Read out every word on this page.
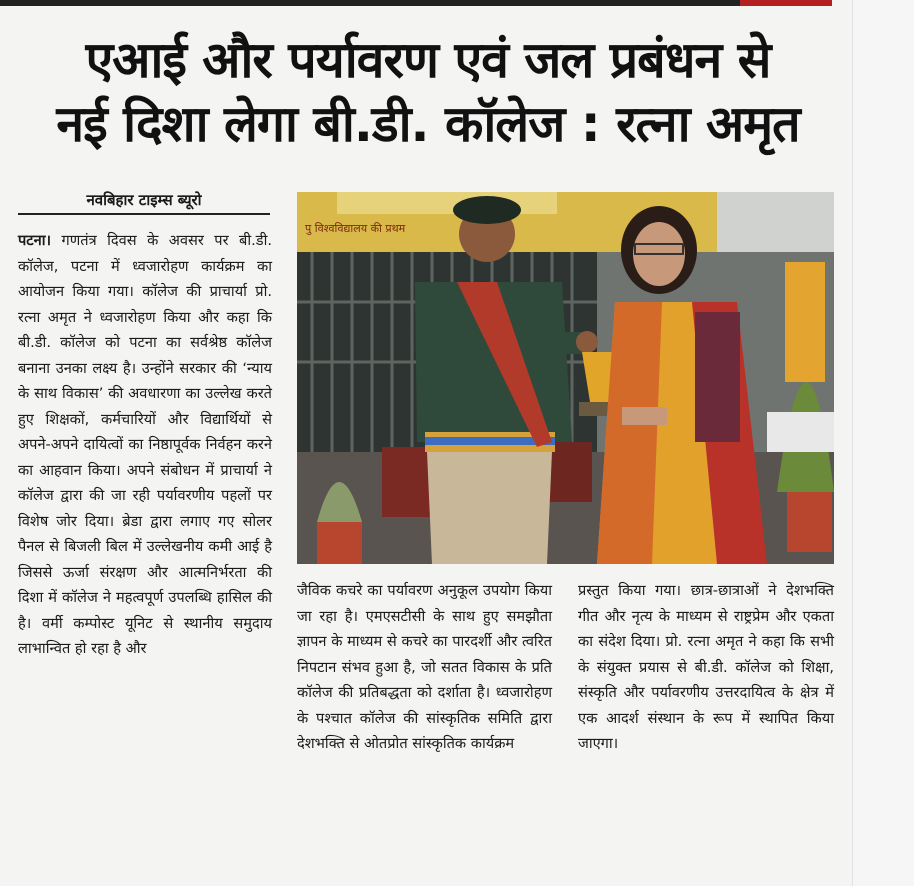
एआई और पर्यावरण एवं जल प्रबंधन से
नई दिशा लेगा बी.डी. कॉलेज : रत्ना अमृत
नवबिहार टाइम्स ब्यूरो
पटना। गणतंत्र दिवस के अवसर पर बी.डी. कॉलेज, पटना में ध्वजारोहण कार्यक्रम का आयोजन किया गया। कॉलेज की प्राचार्या प्रो. रत्ना अमृत ने ध्वजारोहण किया और कहा कि बी.डी. कॉलेज को पटना का सर्वश्रेष्ठ कॉलेज बनाना उनका लक्ष्य है। उन्होंने सरकार की ‘न्याय के साथ विकास’ की अवधारणा का उल्लेख करते हुए शिक्षकों, कर्मचारियों और विद्यार्थियों से अपने-अपने दायित्वों का निष्ठापूर्वक निर्वहन करने का आहवान किया। अपने संबोधन में प्राचार्या ने कॉलेज द्वारा की जा रही पर्यावरणीय पहलों पर विशेष जोर दिया। ब्रेडा द्वारा लगाए गए सोलर पैनल से बिजली बिल में उल्लेखनीय कमी आई है जिससे ऊर्जा संरक्षण और आत्मनिर्भरता की दिशा में कॉलेज ने महत्वपूर्ण उपलब्धि हासिल की है। वर्मी कम्पोस्ट यूनिट से स्थानीय समुदाय लाभान्वित हो रहा है और
पु विश्वविद्यालय की प्रथम
जैविक कचरे का पर्यावरण अनुकूल उपयोग किया जा रहा है। एमएसटीसी के साथ हुए समझौता ज्ञापन के माध्यम से कचरे का पारदर्शी और त्वरित निपटान संभव हुआ है, जो सतत विकास के प्रति कॉलेज की प्रतिबद्धता को दर्शाता है। ध्वजारोहण के पश्चात कॉलेज की सांस्कृतिक समिति द्वारा देशभक्ति से ओतप्रोत सांस्कृतिक कार्यक्रम
प्रस्तुत किया गया। छात्र-छात्राओं ने देशभक्ति गीत और नृत्य के माध्यम से राष्ट्रप्रेम और एकता का संदेश दिया। प्रो. रत्ना अमृत ने कहा कि सभी के संयुक्त प्रयास से बी.डी. कॉलेज को शिक्षा, संस्कृति और पर्यावरणीय उत्तरदायित्व के क्षेत्र में एक आदर्श संस्थान के रूप में स्थापित किया जाएगा।
